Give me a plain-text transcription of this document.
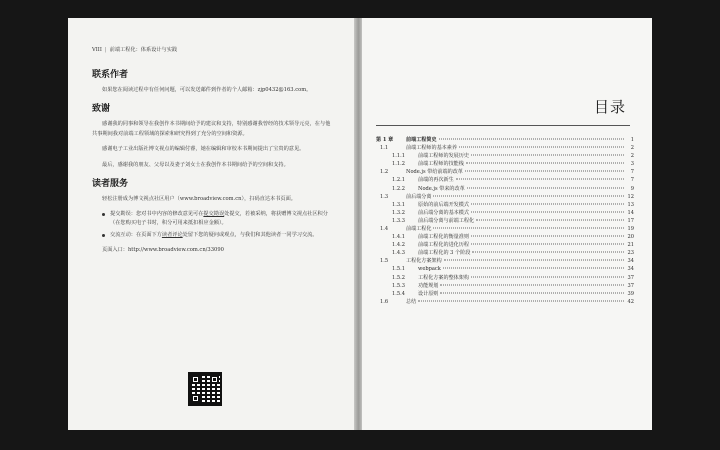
VIII | 前端工程化：体系设计与实践
联系作者

如果您在阅读过程中有任何问题，可以发送邮件到作者的个人邮箱：zjp0432@163.com。

致谢

感谢我的同事和领导在我创作本书期间给予的建议和支持，特别感谢我曾经的技术领导元亮，在与他共事期间我对前端工程领域的探索和研究得到了充分的空间和资源。

感谢电子工业出版社博文视点的编辑付睿，她在编辑和审校本书期间提出了宝贵的意见。

最后，感谢我的朋友、父母以及妻子刘女士在我创作本书期间给予的空间和支持。

读者服务

轻松注册成为博文视点社区用户（www.broadview.com.cn），扫码直达本书页面。

提交勘误：您对书中内容的修改意见可在提交勘误处提交，若被采纳，将获赠博文视点社区积分（在您购买电子书时，积分可用来抵扣相应金额）。
交流互动：在页面下方读者评论处留下您的疑问或观点，与我们和其他读者一同学习交流。

页面入口：http://www.broadview.com.cn/33090

目录
第 1 章	前端工程简史	1
1.1	前端工程师的基本素养	2
1.1.1	前端工程师的发展历史	2
1.1.2	前端工程师的技能栈	3
1.2	Node.js 带给前端的改革	7
1.2.1	前端的再次新生	7
1.2.2	Node.js 带来的改革	9
1.3	前后端分离	12
1.3.1	原始的前后端开发模式	13
1.3.2	前后端分离的基本模式	14
1.3.3	前后端分离与前端工程化	17
1.4	前端工程化	19
1.4.1	前端工程化的衡量准则	20
1.4.2	前端工程化的进化历程	21
1.4.3	前端工程化的 3 个阶段	23
1.5	工程化方案架构	34
1.5.1	webpack	34
1.5.2	工程化方案的整体架构	37
1.5.3	功能规划	37
1.5.4	设计原则	39
1.6	总结	42
